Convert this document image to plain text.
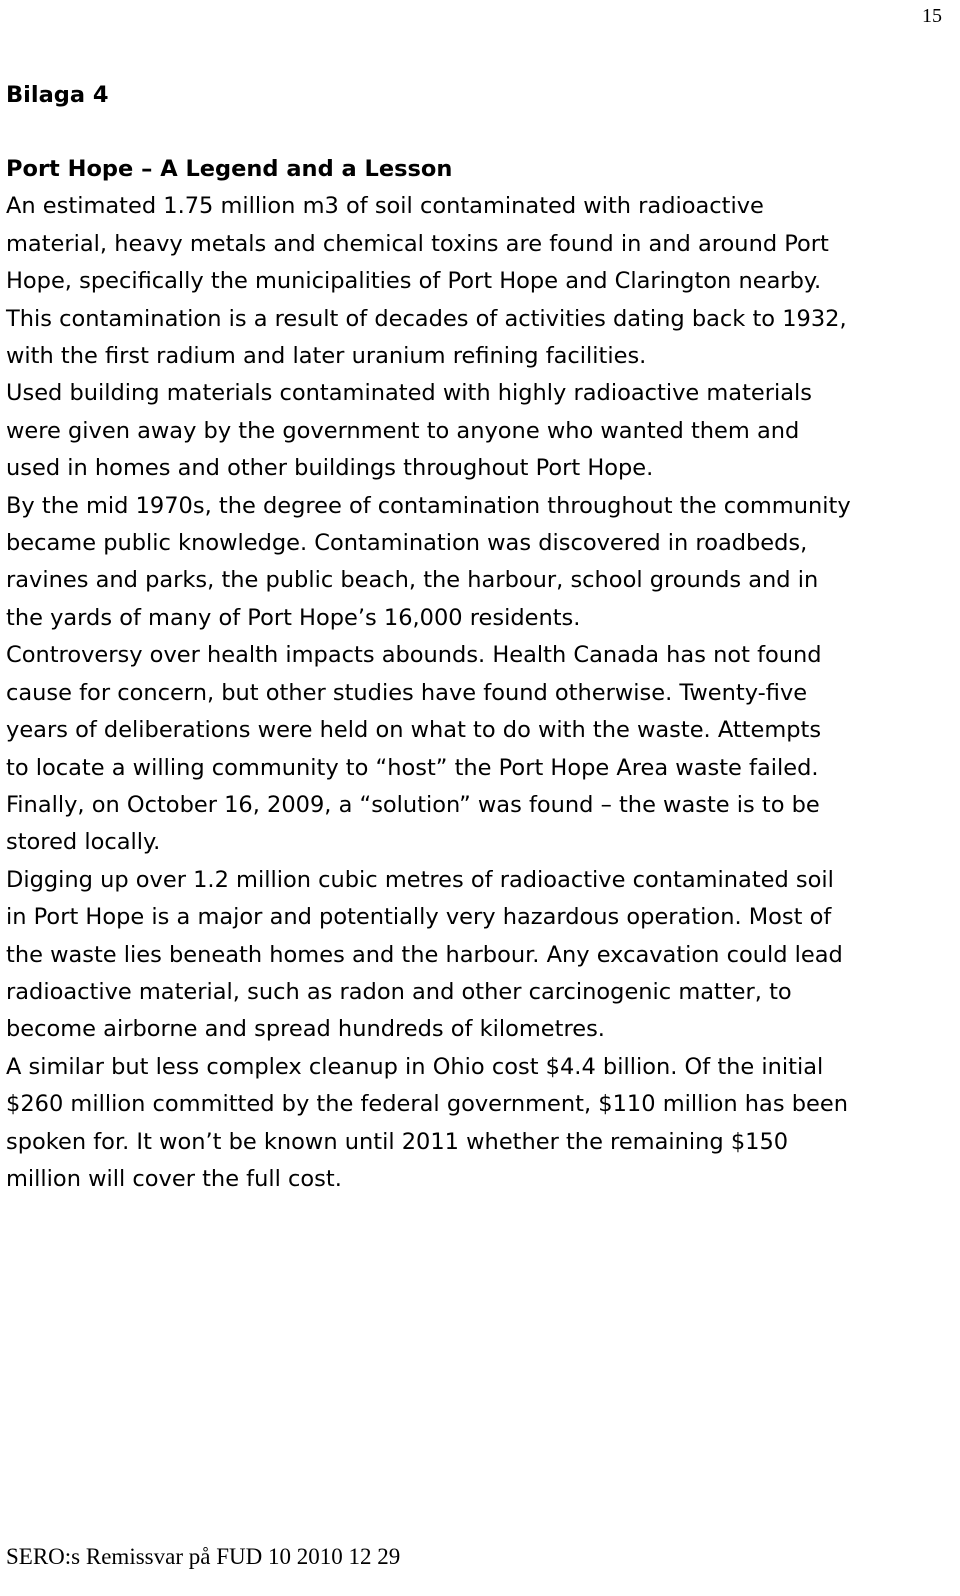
15
Bilaga 4
Port Hope – A Legend and a Lesson
An estimated 1.75 million m3 of soil contaminated with radioactive
material, heavy metals and chemical toxins are found in and around Port
Hope, specifically the municipalities of Port Hope and Clarington nearby.
This contamination is a result of decades of activities dating back to 1932,
with the first radium and later uranium refining facilities.
Used building materials contaminated with highly radioactive materials
were given away by the government to anyone who wanted them and
used in homes and other buildings throughout Port Hope.
By the mid 1970s, the degree of contamination throughout the community
became public knowledge. Contamination was discovered in roadbeds,
ravines and parks, the public beach, the harbour, school grounds and in
the yards of many of Port Hope’s 16,000 residents.
Controversy over health impacts abounds. Health Canada has not found
cause for concern, but other studies have found otherwise. Twenty-five
years of deliberations were held on what to do with the waste. Attempts
to locate a willing community to “host” the Port Hope Area waste failed.
Finally, on October 16, 2009, a “solution” was found – the waste is to be
stored locally.
Digging up over 1.2 million cubic metres of radioactive contaminated soil
in Port Hope is a major and potentially very hazardous operation. Most of
the waste lies beneath homes and the harbour. Any excavation could lead
radioactive material, such as radon and other carcinogenic matter, to
become airborne and spread hundreds of kilometres.
A similar but less complex cleanup in Ohio cost $4.4 billion. Of the initial
$260 million committed by the federal government, $110 million has been
spoken for. It won’t be known until 2011 whether the remaining $150
million will cover the full cost.
SERO:s Remissvar på FUD 10 2010 12 29
